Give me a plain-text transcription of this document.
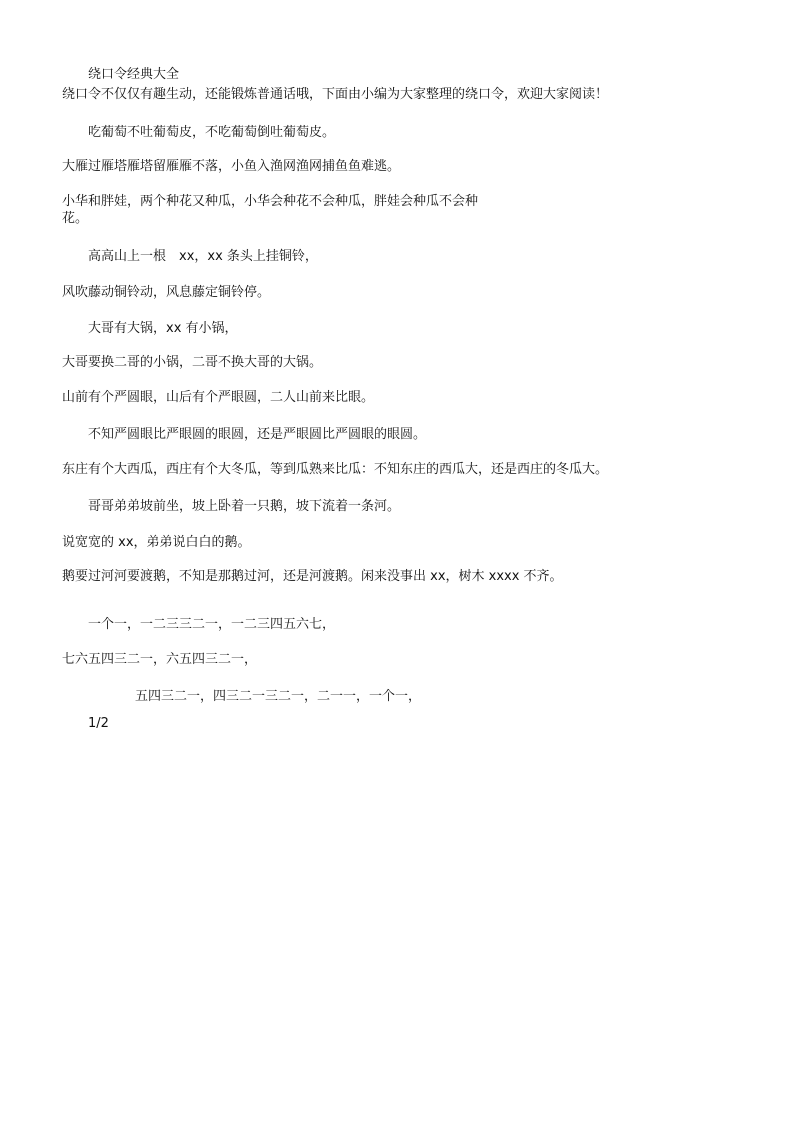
绕口令经典大全
绕口令不仅仅有趣生动，还能锻炼普通话哦，下面由小编为大家整理的绕口令，欢迎大家阅读！
吃葡萄不吐葡萄皮，不吃葡萄倒吐葡萄皮。
大雁过雁塔雁塔留雁雁不落，小鱼入渔网渔网捕鱼鱼难逃。
小华和胖娃，两个种花又种瓜，小华会种花不会种瓜，胖娃会种瓜不会种
花。
高高山上一根　xx，xx 条头上挂铜铃，
风吹藤动铜铃动，风息藤定铜铃停。
大哥有大锅，xx 有小锅，
大哥要换二哥的小锅，二哥不换大哥的大锅。
山前有个严圆眼，山后有个严眼圆，二人山前来比眼。
不知严圆眼比严眼圆的眼圆，还是严眼圆比严圆眼的眼圆。
东庄有个大西瓜，西庄有个大冬瓜，等到瓜熟来比瓜：不知东庄的西瓜大，还是西庄的冬瓜大。
哥哥弟弟坡前坐，坡上卧着一只鹅，坡下流着一条河。
说宽宽的 xx，弟弟说白白的鹅。
鹅要过河河要渡鹅，不知是那鹅过河，还是河渡鹅。闲来没事出 xx，树木 xxxx 不齐。
一个一，一二三三二一，一二三四五六七，
七六五四三二一，六五四三二一，
五四三二一，四三二一三二一，二一一，一个一，
1/2
